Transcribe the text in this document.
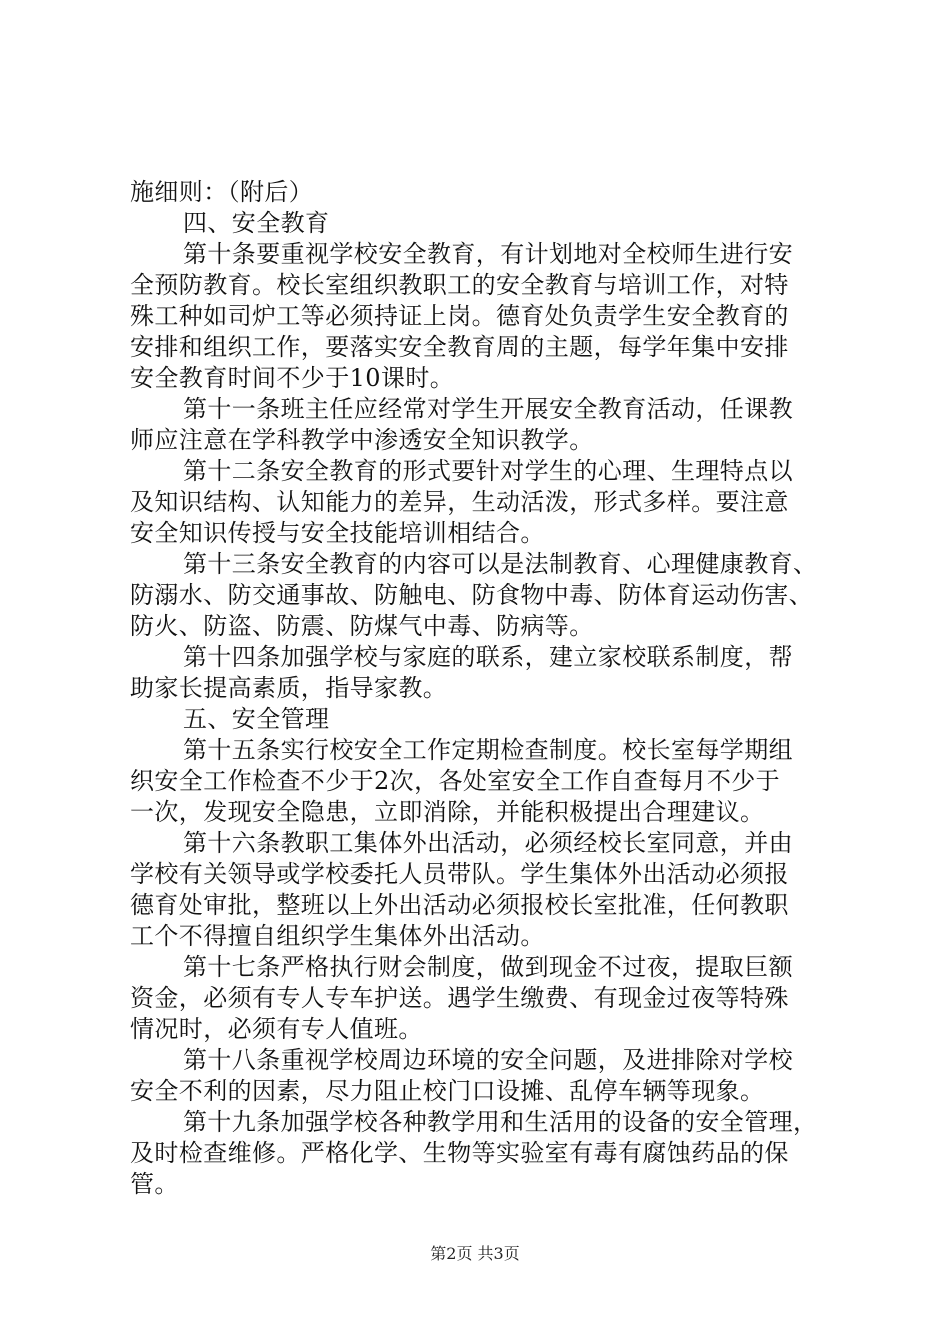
施细则：（附后）
四、安全教育
第十条要重视学校安全教育，有计划地对全校师生进行安
全预防教育。校长室组织教职工的安全教育与培训工作，对特
殊工种如司炉工等必须持证上岗。德育处负责学生安全教育的
安排和组织工作，要落实安全教育周的主题，每学年集中安排
安全教育时间不少于10课时。
第十一条班主任应经常对学生开展安全教育活动，任课教
师应注意在学科教学中渗透安全知识教学。
第十二条安全教育的形式要针对学生的心理、生理特点以
及知识结构、认知能力的差异，生动活泼，形式多样。要注意
安全知识传授与安全技能培训相结合。
第十三条安全教育的内容可以是法制教育、心理健康教育、
防溺水、防交通事故、防触电、防食物中毒、防体育运动伤害、
防火、防盗、防震、防煤气中毒、防病等。
第十四条加强学校与家庭的联系，建立家校联系制度，帮
助家长提高素质，指导家教。
五、安全管理
第十五条实行校安全工作定期检查制度。校长室每学期组
织安全工作检查不少于2次，各处室安全工作自查每月不少于
一次，发现安全隐患，立即消除，并能积极提出合理建议。
第十六条教职工集体外出活动，必须经校长室同意，并由
学校有关领导或学校委托人员带队。学生集体外出活动必须报
德育处审批，整班以上外出活动必须报校长室批准，任何教职
工个不得擅自组织学生集体外出活动。
第十七条严格执行财会制度，做到现金不过夜，提取巨额
资金，必须有专人专车护送。遇学生缴费、有现金过夜等特殊
情况时，必须有专人值班。
第十八条重视学校周边环境的安全问题，及进排除对学校
安全不利的因素，尽力阻止校门口设摊、乱停车辆等现象。
第十九条加强学校各种教学用和生活用的设备的安全管理，
及时检查维修。严格化学、生物等实验室有毒有腐蚀药品的保
管。
第2页 共3页
